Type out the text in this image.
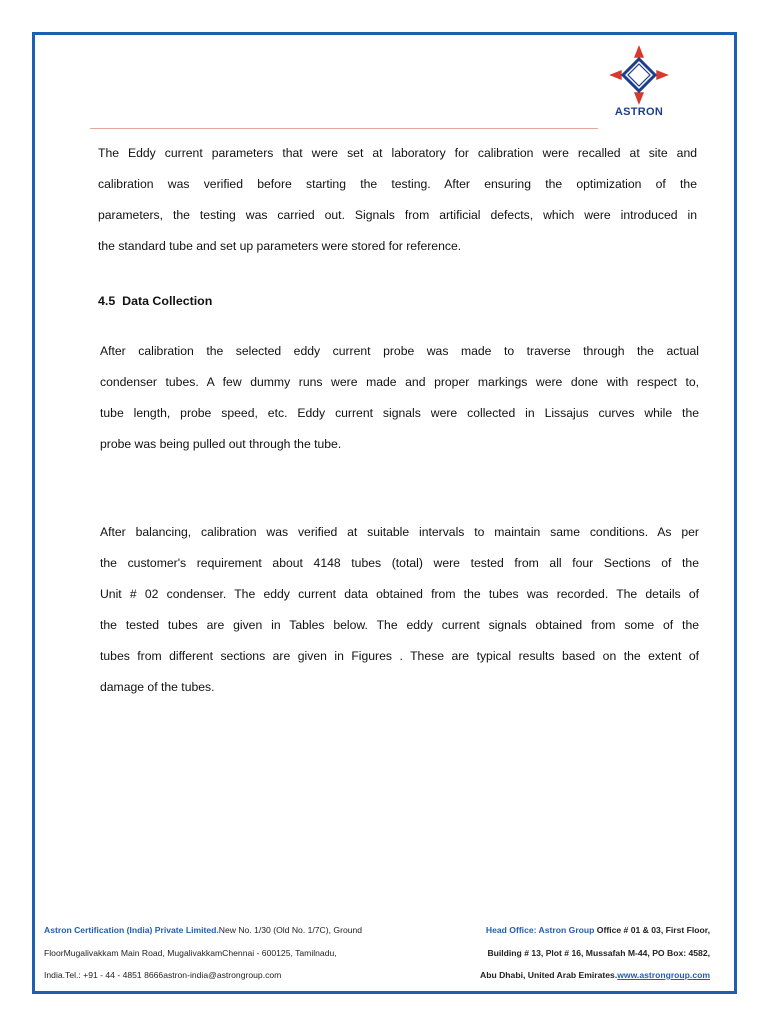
ASTRON

The Eddy current parameters that were set at laboratory for calibration were recalled at site and
calibration was verified before starting the testing. After ensuring the optimization of the
parameters, the testing was carried out. Signals from artificial defects, which were introduced in
the standard tube and set up parameters were stored for reference.

4.5 Data Collection

After calibration the selected eddy current probe was made to traverse through the actual
condenser tubes. A few dummy runs were made and proper markings were done with respect to,
tube length, probe speed, etc. Eddy current signals were collected in Lissajus curves while the
probe was being pulled out through the tube.

After balancing, calibration was verified at suitable intervals to maintain same conditions. As per
the customer's requirement about 4148 tubes (total) were tested from all four Sections of the
Unit # 02 condenser. The eddy current data obtained from the tubes was recorded. The details of
the tested tubes are given in Tables below. The eddy current signals obtained from some of the
tubes from different sections are given in Figures . These are typical results based on the extent of
damage of the tubes.

Astron Certification (India) Private Limited.New No. 1/30 (Old No. 1/7C), Ground
FloorMugalivakkam Main Road, MugalivakkamChennai - 600125, Tamilnadu,
India.Tel.: +91 - 44 - 4851 8666astron-india@astrongroup.com
Head Office: Astron Group Office # 01 & 03, First Floor,
Building # 13, Plot # 16, Mussafah M-44, PO Box: 4582,
Abu Dhabi, United Arab Emirates.www.astrongroup.com
